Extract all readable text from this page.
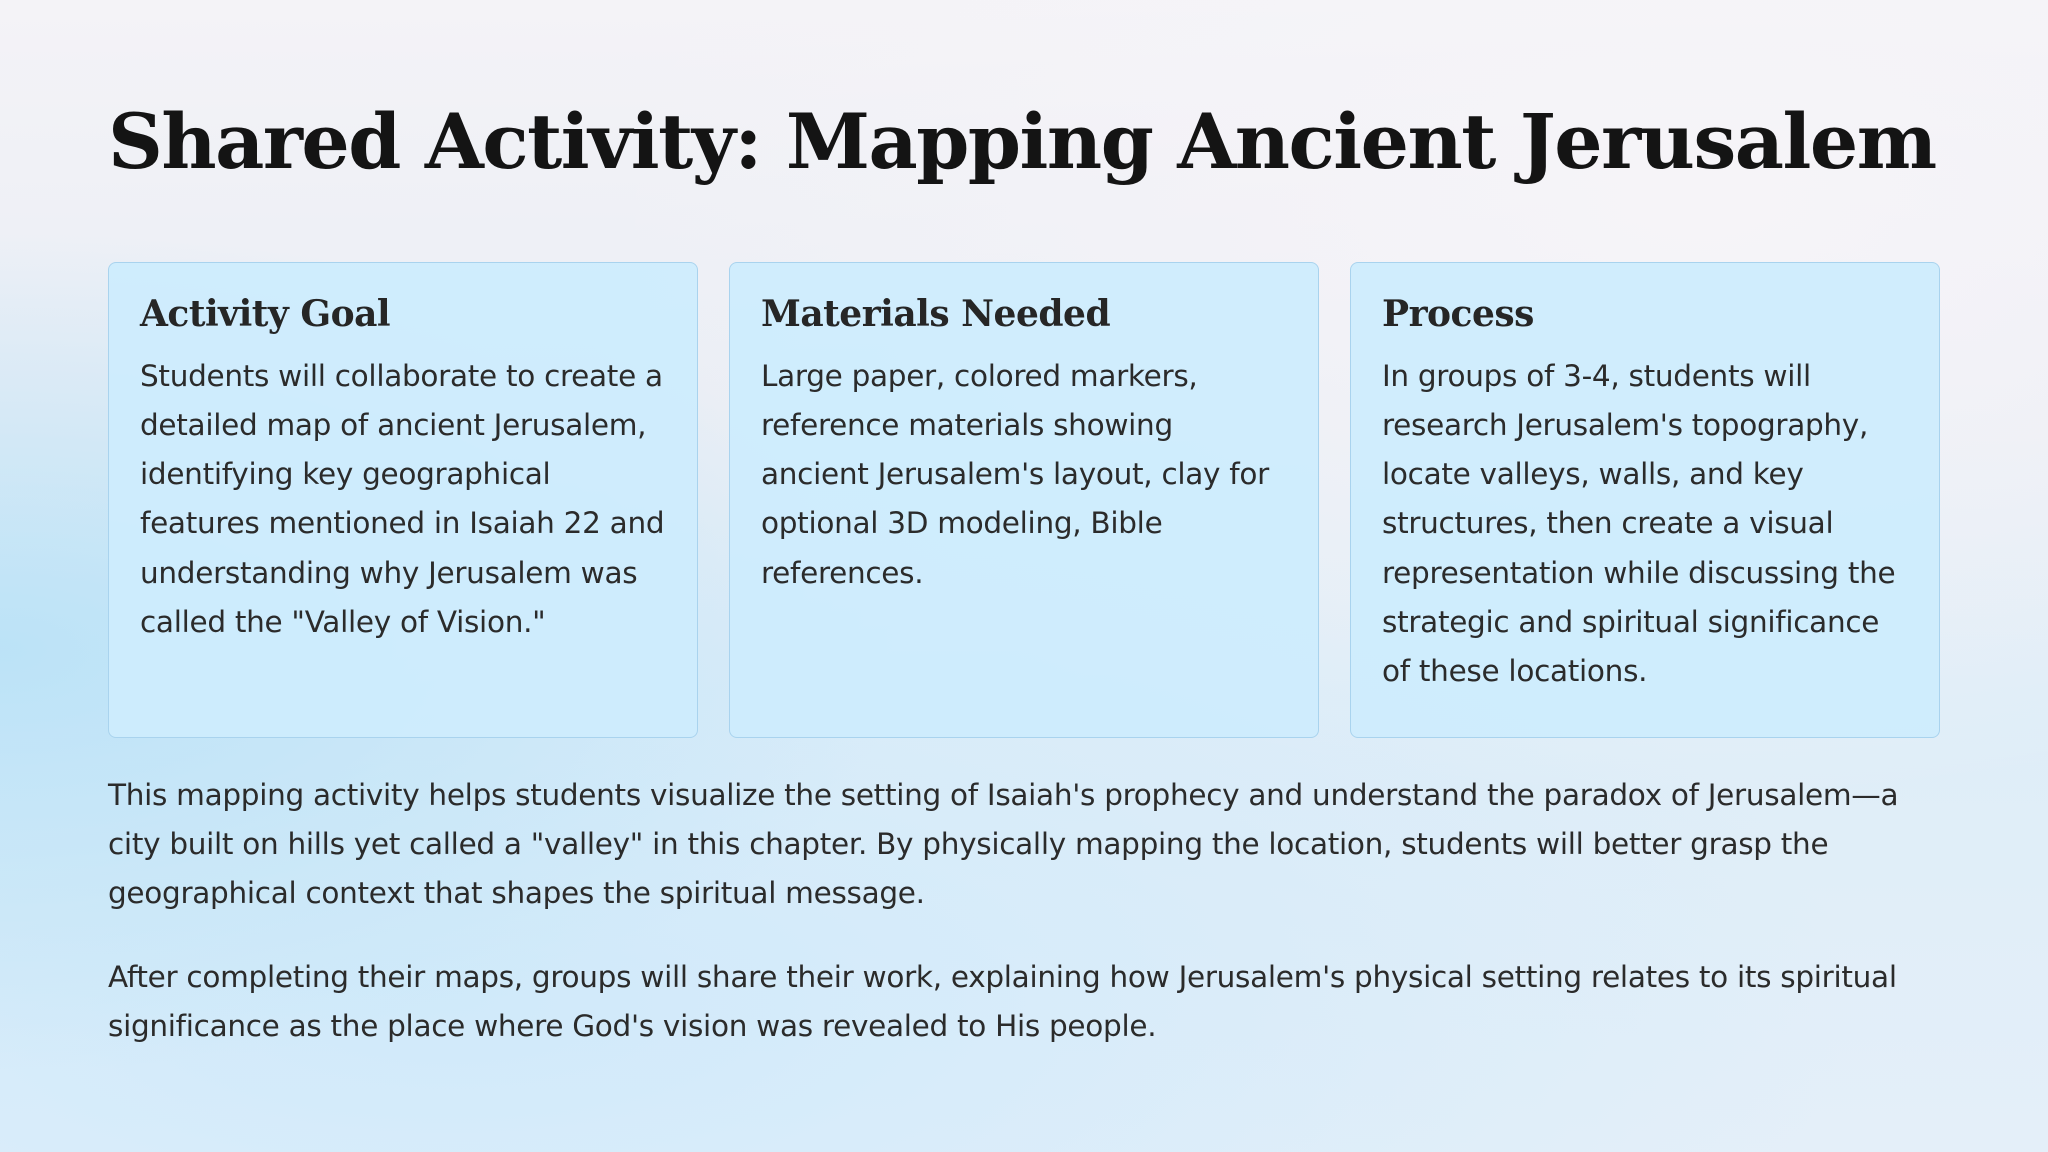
Shared Activity: Mapping Ancient Jerusalem
Activity Goal

Students will collaborate to create a detailed map of ancient Jerusalem, identifying key geographical features mentioned in Isaiah 22 and understanding why Jerusalem was called the "Valley of Vision."

Materials Needed

Large paper, colored markers, reference materials showing ancient Jerusalem's layout, clay for optional 3D modeling, Bible references.

Process

In groups of 3-4, students will research Jerusalem's topography, locate valleys, walls, and key structures, then create a visual representation while discussing the strategic and spiritual significance of these locations.

This mapping activity helps students visualize the setting of Isaiah's prophecy and understand the paradox of Jerusalem—a city built on hills yet called a "valley" in this chapter. By physically mapping the location, students will better grasp the geographical context that shapes the spiritual message.

After completing their maps, groups will share their work, explaining how Jerusalem's physical setting relates to its spiritual significance as the place where God's vision was revealed to His people.
